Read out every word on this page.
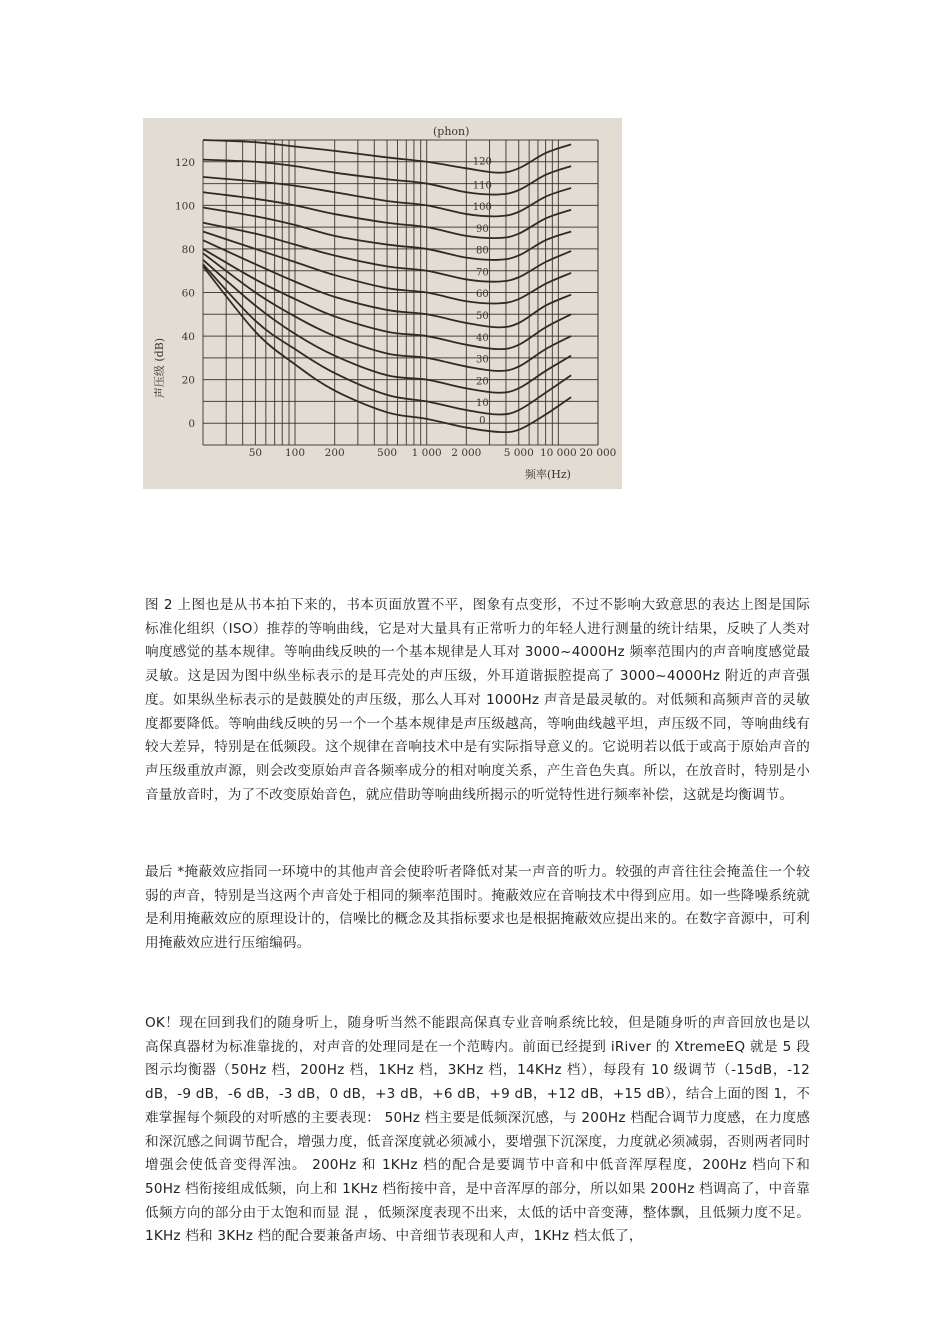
120
100
80
60
40
20
0
50 100 200	500 1 000 2 000 5 000 10 000 20 000
120
110
100
90
80
70
60
50
40
30
20
10
0
(phon)
声压级 (dB)
频率(Hz)

图 2 上图也是从书本拍下来的，书本页面放置不平，图象有点变形，不过不影响大致意思的表达上图是国际标准化组织（ISO）推荐的等响曲线，它是对大量具有正常听力的年轻人进行测量的统计结果，反映了人类对响度感觉的基本规律。等响曲线反映的一个基本规律是人耳对 3000~4000Hz 频率范围内的声音响度感觉最灵敏。这是因为图中纵坐标表示的是耳壳处的声压级，外耳道谐振腔提高了 3000~4000Hz 附近的声音强度。如果纵坐标表示的是鼓膜处的声压级，那么人耳对 1000Hz 声音是最灵敏的。对低频和高频声音的灵敏度都要降低。等响曲线反映的另一个一个基本规律是声压级越高，等响曲线越平坦，声压级不同，等响曲线有较大差异，特别是在低频段。这个规律在音响技术中是有实际指导意义的。它说明若以低于或高于原始声音的声压级重放声源，则会改变原始声音各频率成分的相对响度关系，产生音色失真。所以，在放音时，特别是小音量放音时，为了不改变原始音色，就应借助等响曲线所揭示的听觉特性进行频率补偿，这就是均衡调节。

最后 *掩蔽效应指同一环境中的其他声音会使聆听者降低对某一声音的听力。较强的声音往往会掩盖住一个较弱的声音，特别是当这两个声音处于相同的频率范围时。掩蔽效应在音响技术中得到应用。如一些降噪系统就是利用掩蔽效应的原理设计的，信噪比的概念及其指标要求也是根据掩蔽效应提出来的。在数字音源中，可利用掩蔽效应进行压缩编码。

OK！现在回到我们的随身听上，随身听当然不能跟高保真专业音响系统比较，但是随身听的声音回放也是以高保真器材为标准靠拢的，对声音的处理同是在一个范畴内。前面已经提到 iRiver 的 XtremeEQ 就是 5 段图示均衡器（50Hz 档，200Hz 档，1KHz 档，3KHz 档，14KHz 档），每段有 10 级调节（-15dB，-12 dB，-9 dB，-6 dB，-3 dB，0 dB，+3 dB，+6 dB，+9 dB，+12 dB，+15 dB），结合上面的图 1，不难掌握每个频段的对听感的主要表现： 50Hz 档主要是低频深沉感，与 200Hz 档配合调节力度感，在力度感和深沉感之间调节配合，增强力度，低音深度就必须减小，要增强下沉深度，力度就必须减弱，否则两者同时增强会使低音变得浑浊。 200Hz 和 1KHz 档的配合是要调节中音和中低音浑厚程度，200Hz 档向下和 50Hz 档衔接组成低频，向上和 1KHz 档衔接中音，是中音浑厚的部分，所以如果 200Hz 档调高了，中音靠低频方向的部分由于太饱和而显 混 ，低频深度表现不出来，太低的话中音变薄，整体飘，且低频力度不足。 1KHz 档和 3KHz 档的配合要兼备声场、中音细节表现和人声，1KHz 档太低了，
